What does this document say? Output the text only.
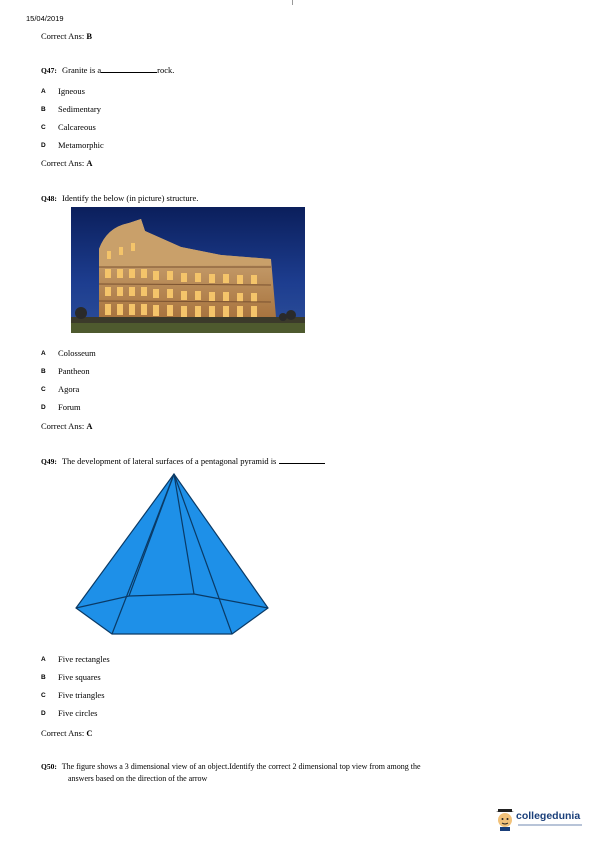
15/04/2019
Correct Ans: B
Q47: Granite is a	rock.
A Igneous
B Sedimentary
C Calcareous
D Metamorphic
Correct Ans: A
Q48: Identify the below (in picture) structure.
A Colosseum
B Pantheon
C Agora
D Forum
Correct Ans: A
Q49: The development of lateral surfaces of a pentagonal pyramid is
A Five rectangles
B Five squares
C Five triangles
D Five circles
Correct Ans: C
Q50: The figure shows a 3 dimensional view of an object.Identify the correct 2 dimensional top view from among the
answers based on the direction of the arrow
collegedunia
